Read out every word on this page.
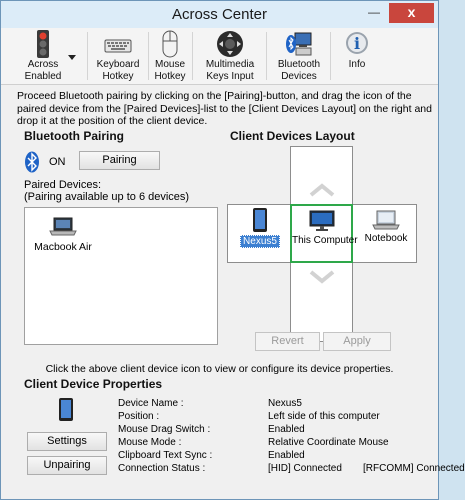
Across Center	—	x
Across
Enabled
Keyboard
Hotkey
Mouse
Hotkey
Multimedia
Keys Input
Bluetooth
Devices
i
Info
Proceed Bluetooth pairing by clicking on the [Pairing]-button, and drag the icon of the paired device from the [Paired Devices]-list to the [Client Devices Layout] on the right and drop it at the position of the client device.
Bluetooth Pairing
ON	Pairing
Paired Devices:
(Pairing available up to 6 devices)
Macbook Air
Client Devices Layout
Nexus5	This Computer Notebook
Revert	Apply
Click the above client device icon to view or configure its device properties.
Client Device Properties
Settings
Unpairing
Device Name :	Nexus5
Position :	Left side of this computer
Mouse Drag Switch :	Enabled
Mouse Mode :	Relative Coordinate Mouse
Clipboard Text Sync :	Enabled
Connection Status :	[HID] Connected [RFCOMM] Connected
